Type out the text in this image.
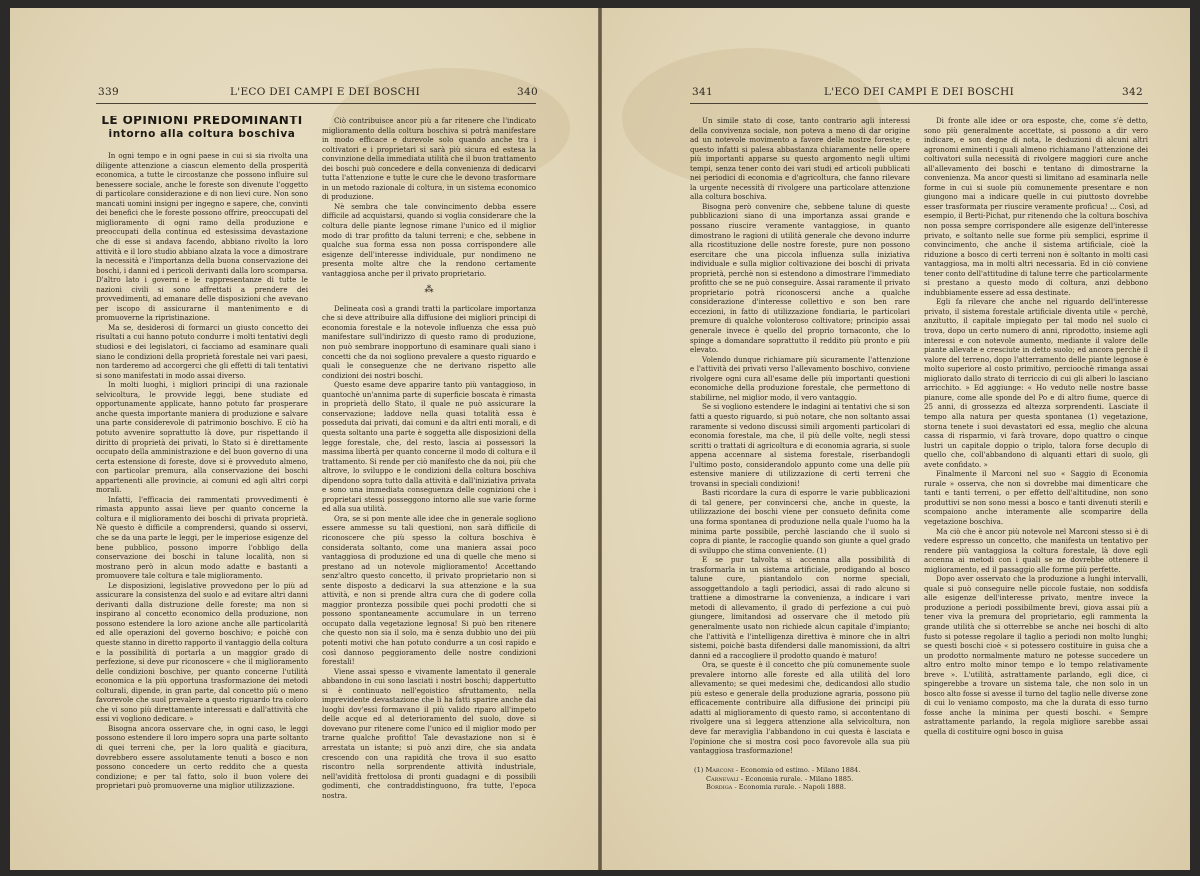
339	L'ECO DEI CAMPI E DEI BOSCHI	340
LE OPINIONI PREDOMINANTI
intorno alla coltura boschiva

In ogni tempo e in ogni paese in cui si sia rivolta una diligente attenzione a ciascun elemento della prosperità economica, a tutte le circostanze che possono influire sul benessere sociale, anche le foreste son divenute l'oggetto di particolare considerazione e di non lievi cure. Non sono mancati uomini insigni per ingegno e sapere, che, convinti dei benefici che le foreste possono offrire, preoccupati del miglioramento di ogni ramo della produzione e preoccupati della continua ed estesissima devastazione che di esse si andava facendo, abbiano rivolto la loro attività e il loro studio abbiano alzata la voce a dimostrare la necessità e l'importanza della buona conservazione dei boschi, i danni ed i pericoli derivanti dalla loro scomparsa. D'altro lato i governi e le rappresentanze di tutte le nazioni civili si sono affrettati a prendere dei provvedimenti, ad emanare delle disposizioni che avevano per iscopo di assicurarne il mantenimento e di promuoverne la ripristinazione.

Ma se, desiderosi di formarci un giusto concetto dei risultati a cui hanno potuto condurre i molti tentativi degli studiosi e dei legislatori, ci facciamo ad esaminare quali siano le condizioni della proprietà forestale nei vari paesi, non tarderemo ad accorgerci che gli effetti di tali tentativi si sono manifestati in modo assai diverso.

In molti luoghi, i migliori principi di una razionale selvicoltura, le provvide leggi, bene studiate ed opportunamente applicate, hanno potuto far prosperare anche questa importante maniera di produzione e salvare una parte considerevole di patrimonio boschivo. E ciò ha potuto avvenire soprattutto là dove, pur rispettando il diritto di proprietà dei privati, lo Stato si è direttamente occupato della amministrazione e del buon governo di una certa estensione di foreste, dove si è provveduto almeno, con particolar premura, alla conservazione dei boschi appartenenti alle provincie, ai comuni ed agli altri corpi morali.

Infatti, l'efficacia dei rammentati provvedimenti è rimasta appunto assai lieve per quanto concerne la coltura e il miglioramento dei boschi di privata proprietà. Nè questo è difficile a comprendersi, quando si osservi, che se da una parte le leggi, per le imperiose esigenze del bene pubblico, possono imporre l'obbligo della conservazione dei boschi in talune località, non si mostrano però in alcun modo adatte e bastanti a promuovere tale coltura e tale miglioramento.

Le disposizioni, legislative provvedono per lo più ad assicurare la consistenza del suolo e ad evitare altri danni derivanti dalla distruzione delle foreste; ma non si inspirano al concetto economico della produzione, non possono estendere la loro azione anche alle particolarità ed alle operazioni del governo boschivo; e poichè con queste stanno in diretto rapporto il vantaggio della coltura e la possibilità di portarla a un maggior grado di perfezione, si deve pur riconoscere « che il miglioramento delle condizioni boschive, per quanto concerne l'utilità economica e la più opportuna trasformazione dei metodi colturali, dipende, in gran parte, dal concetto più o meno favorevole che suol prevalere a questo riguardo tra coloro che vi sono più direttamente interessati e dall'attività che essi vi vogliono dedicare. »

Bisogna ancora osservare che, in ogni caso, le leggi possono estendere il loro impero sopra una parte soltanto di quei terreni che, per la loro qualità e giacitura, dovrebbero essere assolutamente tenuti a bosco e non possono concedere un certo reddito che a questa condizione; e per tal fatto, solo il buon volere dei proprietari può promuoverne una miglior utilizzazione.

Ciò contribuisce ancor più a far ritenere che l'indicato miglioramento della coltura boschiva si potrà manifestare in modo efficace e durevole solo quando anche tra i coltivatori e i proprietari si sarà più sicura ed estesa la convinzione della immediata utilità che il buon trattamento dei boschi può concedere e della convenienza di dedicarvi tutta l'attenzione e tutte le cure che le devono trasformare in un metodo razionale di coltura, in un sistema economico di produzione.

Nè sembra che tale convincimento debba essere difficile ad acquistarsi, quando si voglia considerare che la coltura delle piante legnose rimane l'unico ed il miglior modo di trar profitto da taluni terreni; e che, sebbene in qualche sua forma essa non possa corrispondere alle esigenze dell'interesse individuale, pur nondimeno ne presenta molte altre che la rendono certamente vantaggiosa anche per il privato proprietario.

⁂

Delineata così a grandi tratti la particolare importanza che si deve attribuire alla diffusione dei migliori principi di economia forestale e la notevole influenza che essa può manifestare sull'indirizzo di questo ramo di produzione, non può sembrare inopportuno di esaminare quali siano i concetti che da noi sogliono prevalere a questo riguardo e quali le conseguenze che ne derivano rispetto alle condizioni dei nostri boschi.

Questo esame deve apparire tanto più vantaggioso, in quantochè un'annima parte di superficie boscata è rimasta in proprietà dello Stato, il quale ne può assicurare la conservazione; laddove nella quasi totalità essa è posseduta dai privati, dai comuni e da altri enti morali, e di questa soltanto una parte è soggetta alle disposizioni della legge forestale, che, del resto, lascia ai possessori la massima libertà per quanto concerne il modo di coltura e il trattamento. Si rende per ciò manifesto che da noi, più che altrove, lo sviluppo e le condizioni della coltura boschiva dipendono sopra tutto dalla attività e dall'iniziativa privata e sono una immediata conseguenza delle cognizioni che i proprietari stessi posseggono intorno alle sue varie forme ed alla sua utilità.

Ora, se si pon mente alle idee che in generale sogliono essere ammesse su tali questioni, non sarà difficile di riconoscere che più spesso la coltura boschiva è considerata soltanto, come una maniera assai poco vantaggiosa di produzione ed una di quelle che meno si prestano ad un notevole miglioramento! Accettando senz'altro questo concetto, il privato proprietario non si sente disposto a dedicarvi la sua attenzione e la sua attività, e non si prende altra cura che di godere colla maggior prontezza possibile quei pochi prodotti che si possono spontaneamente accumulare in un terreno occupato dalla vegetazione legnosa! Si può ben ritenere che questo non sia il solo, ma è senza dubbio uno dei più potenti motivi che han potuto condurre a un così rapido e così dannoso peggioramento delle nostre condizioni forestali!

Viene assai spesso e vivamente lamentato il generale abbandono in cui sono lasciati i nostri boschi; dappertutto si è continuato nell'egoistico sfruttamento, nella imprevidente devastazione che li ha fatti sparire anche dai luoghi dov'essi formavano il più valido riparo all'impeto delle acque ed al deterioramento del suolo, dove si dovevano pur ritenere come l'unico ed il miglior modo per trarne qualche profitto! Tale devastazione non si è arrestata un istante; si può anzi dire, che sia andata crescendo con una rapidità che trova il suo esatto riscontro nella sorprendente attività industriale, nell'avidità frettolosa di pronti guadagni e di possibili godimenti, che contraddistinguono, fra tutte, l'epoca nostra.

341	L'ECO DEI CAMPI E DEI BOSCHI	342

Un simile stato di cose, tanto contrario agli interessi della convivenza sociale, non poteva a meno di dar origine ad un notevole movimento a favore delle nostre foreste; e questo infatti si palesa abbastanza chiaramente nelle opere più importanti apparse su questo argomento negli ultimi tempi, senza tener conto dei vari studi ed articoli pubblicati nei periodici di economia e d'agricoltura, che fanno rilevare la urgente necessità di rivolgere una particolare attenzione alla coltura boschiva.

Bisogna però convenire che, sebbene talune di queste pubblicazioni siano di una importanza assai grande e possano riuscire veramente vantaggiose, in quanto dimostrano le ragioni di utilità generale che devono indurre alla ricostituzione delle nostre foreste, pure non possono esercitare che una piccola influenza sulla iniziativa individuale e sulla miglior coltivazione dei boschi di privata proprietà, perchè non si estendono a dimostrare l'immediato profitto che se ne può conseguire. Assai raramente il privato proprietario potrà riconoscersi anche a qualche considerazione d'interesse collettivo e son ben rare eccezioni, in fatto di utilizzazione fondiaria, le particolari premure di qualche volonteroso coltivatore; principio assai generale invece è quello del proprio tornaconto, che lo spinge a domandare soprattutto il reddito più pronto e più elevato.

Volendo dunque richiamare più sicuramente l'attenzione e l'attività dei privati verso l'allevamento boschivo, conviene rivolgere ogni cura all'esame delle più importanti questioni economiche della produzione forestale, che permettono di stabilirne, nel miglior modo, il vero vantaggio.

Se si vogliono estendere le indagini ai tentativi che si son fatti a questo riguardo, si può notare, che non soltanto assai raramente si vedono discussi simili argomenti particolari di economia forestale, ma che, il più delle volte, negli stessi scritti o trattati di agricoltura e di economia agraria, si suole appena accennare al sistema forestale, riserbandogli l'ultimo posto, considerandolo appunto come una delle più estensive maniere di utilizzazione di certi terreni che trovansi in speciali condizioni!

Basti ricordare la cura di esporre le varie pubblicazioni di tal genere, per convincersi che, anche in queste, la utilizzazione dei boschi viene per consueto definita come una forma spontanea di produzione nella quale l'uomo ha la minima parte possibile, perchè lasciando che il suolo si copra di piante, le raccoglie quando son giunte a quel grado di sviluppo che stima conveniente. (1)

E se pur talvolta si accenna alla possibilità di trasformarla in un sistema artificiale, prodigando al bosco talune cure, piantandolo con norme speciali, assoggettandolo a tagli periodici, assai di rado alcuno si trattiene a dimostrarne la convenienza, a indicare i vari metodi di allevamento, il grado di perfezione a cui può giungere, limitandosi ad osservare che il metodo più generalmente usato non richiede alcun capitale d'impianto; che l'attività e l'intelligenza direttiva è minore che in altri sistemi, poichè basta difendersi dalle manomissioni, da altri danni ed a raccogliere il prodotto quando è maturo!

Ora, se queste è il concetto che più comunemente suole prevalere intorno alle foreste ed alla utilità del loro allevamento; se quei medesimi che, dedicandosi allo studio più esteso e generale della produzione agraria, possono più efficacemente contribuire alla diffusione dei principi più adatti al miglioramento di questo ramo, si accontentano di rivolgere una sì leggera attenzione alla selvicoltura, non deve far meraviglia l'abbandono in cui questa è lasciata e l'opinione che si mostra così poco favorevole alla sua più vantaggiosa trasformazione!

(1) Marconi - Economia ed estimo. - Milano 1884.
Carnevali - Economia rurale. - Milano 1885.
Bordiga - Economia rurale. - Napoli 1888.

Di fronte alle idee or ora esposte, che, come s'è detto, sono più generalmente accettate, si possono a dir vero indicare, e son degne di nota, le deduzioni di alcuni altri agronomi eminenti i quali almeno richiamano l'attenzione dei coltivatori sulla necessità di rivolgere maggiori cure anche all'allevamento dei boschi e tentano di dimostrarne la convenienza. Ma ancor questi si limitano ad esaminarla nelle forme in cui si suole più comunemente presentare e non giungono mai a indicare quelle in cui piuttosto dovrebbe esser trasformata per riuscire veramente proficua! ... Così, ad esempio, il Berti-Pichat, pur ritenendo che la coltura boschiva non possa sempre corrispondere alle esigenze dell'interesse privato, e soltanto nelle sue forme più semplici, esprime il convincimento, che anche il sistema artificiale, cioè la riduzione a bosco di certi terreni non è soltanto in molti casi vantaggiosa, ma in molti altri necessaria. Ed in ciò conviene tener conto dell'attitudine di talune terre che particolarmente si prestano a questo modo di coltura, anzi debbono indubbiamente essere ad essa destinate.

Egli fa rilevare che anche nel riguardo dell'interesse privato, il sistema forestale artificiale diventa utile « perchè, anzitutto, il capitale impiegato per tal modo nel suolo ci trova, dopo un certo numero di anni, riprodotto, insieme agli interessi e con notevole aumento, mediante il valore delle piante allevate e cresciute in detto suolo; ed ancora perchè il valore del terreno, dopo l'atterramento delle piante legnose è molto superiore al costo primitivo, percioochè rimanga assai migliorato dallo strato di terriccio di cui gli alberi lo lasciano arricchito. » Ed aggiunge: « Ho veduto nelle nostre basse pianure, come alle sponde del Po e di altro fiume, querce di 25 anni, di grossezza ed altezza sorprendenti. Lasciate il tempo alla natura per questa spontanea (1) vegetazione, storna tenete i suoi devastatori ed essa, meglio che alcuna cassa di risparmio, vi farà trovare, dopo quattro o cinque lustri un capitale doppio o triplo, talora forse decuplo di quello che, coll'abbandono di alquanti ettari di suolo, gli avete confidato. »

Finalmente il Marconi nel suo « Saggio di Economia rurale » osserva, che non si dovrebbe mai dimenticare che tanti e tanti terreni, o per effetto dell'altitudine, non sono produttivi se non sono messi a bosco e tanti divenuti sterili e scompaiono anche interamente alle scomparire della vegetazione boschiva.

Ma ciò che è ancor più notevole nel Marconi stesso si è di vedere espresso un concetto, che manifesta un tentativo per rendere più vantaggiosa la coltura forestale, là dove egli accenna ai metodi con i quali se ne dovrebbe ottenere il miglioramento, ed il passaggio alle forme più perfette.

Dopo aver osservato che la produzione a lunghi intervalli, quale si può conseguire nelle piccole fustaie, non soddisfa alle esigenze dell'interesse privato, mentre invece la produzione a periodi possibilmente brevi, giova assai più a tener viva la premura del proprietario, egli rammenta la grande utilità che si otterrebbe se anche nei boschi di alto fusto si potesse regolare il taglio a periodi non molto lunghi; se questi boschi cioè « si potessero costituire in guisa che a un prodotto normalmente maturo ne potesse succedere un altro entro molto minor tempo e lo tempo relativamente breve ». L'utilità, astrattamente parlando, egli dice, ci spingerebbe a trovare un sistema tale, che non solo in un bosco alto fosse si avesse il turno del taglio nelle diverse zone di cui lo veniamo composto, ma che la durata di esso turno fosse anche la minima per questi boschi. « Sempre astrattamente parlando, la regola migliore sarebbe assai quella di costituire ogni bosco in guisa
